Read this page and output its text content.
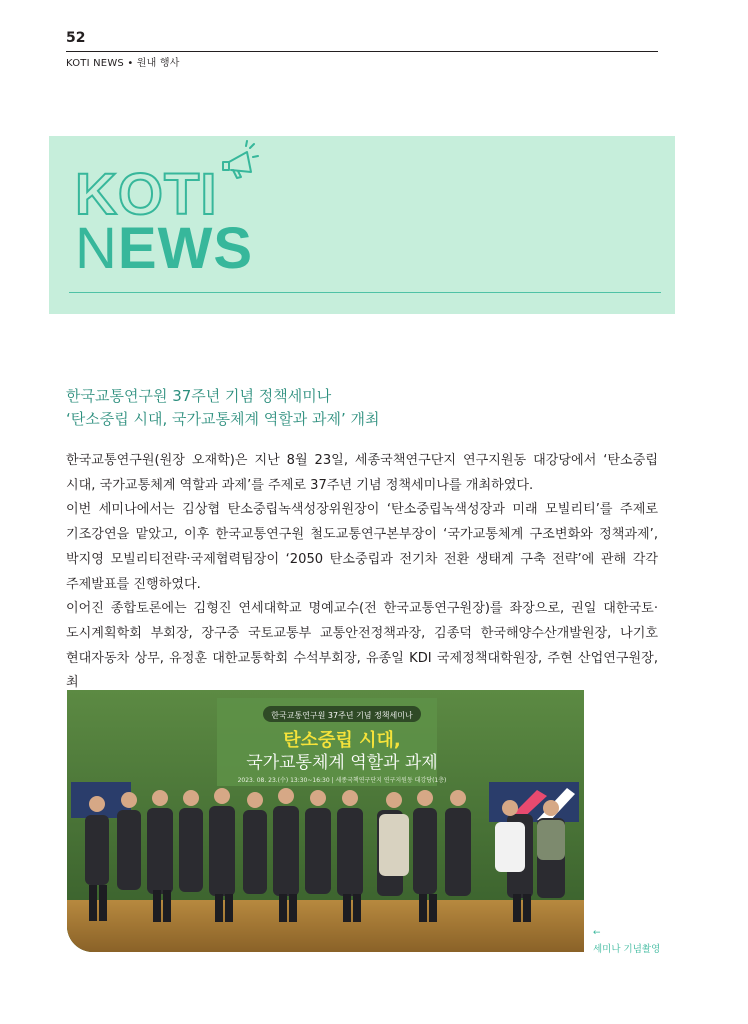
52
KOTI NEWS • 원내 행사
KOTI
NEWS
한국교통연구원 37주년 기념 정책세미나
‘탄소중립 시대, 국가교통체계 역할과 과제’ 개최

한국교통연구원(원장 오재학)은 지난 8월 23일, 세종국책연구단지 연구지원동 대강당에서 ‘탄소중립 시대, 국가교통체계 역할과 과제’를 주제로 37주년 기념 정책세미나를 개최하였다.

이번 세미나에서는 김상협 탄소중립녹색성장위원장이 ‘탄소중립녹색성장과 미래 모빌리티’를 주제로 기조강연을 맡았고, 이후 한국교통연구원 철도교통연구본부장이 ‘국가교통체계 구조변화와 정책과제’, 박지영 모빌리티전략·국제협력팀장이 ‘2050 탄소중립과 전기차 전환 생태계 구축 전략’에 관해 각각 주제발표를 진행하였다.

이어진 종합토론에는 김형진 연세대학교 명예교수(전 한국교통연구원장)를 좌장으로, 권일 대한국토·도시계획학회 부회장, 장구중 국토교통부 교통안전정책과장, 김종덕 한국해양수산개발원장, 나기호 현대자동차 상무, 유정훈 대한교통학회 수석부회장, 유종일 KDI 국제정책대학원장, 주현 산업연구원장, 최

한국교통연구원 37주년 기념 정책세미나
탄소중립 시대,
국가교통체계 역할과 과제
2023. 08. 23.(수) 13:30~16:30 | 세종국책연구단지 연구지원동 대강당(1층)
←
세미나 기념촬영
